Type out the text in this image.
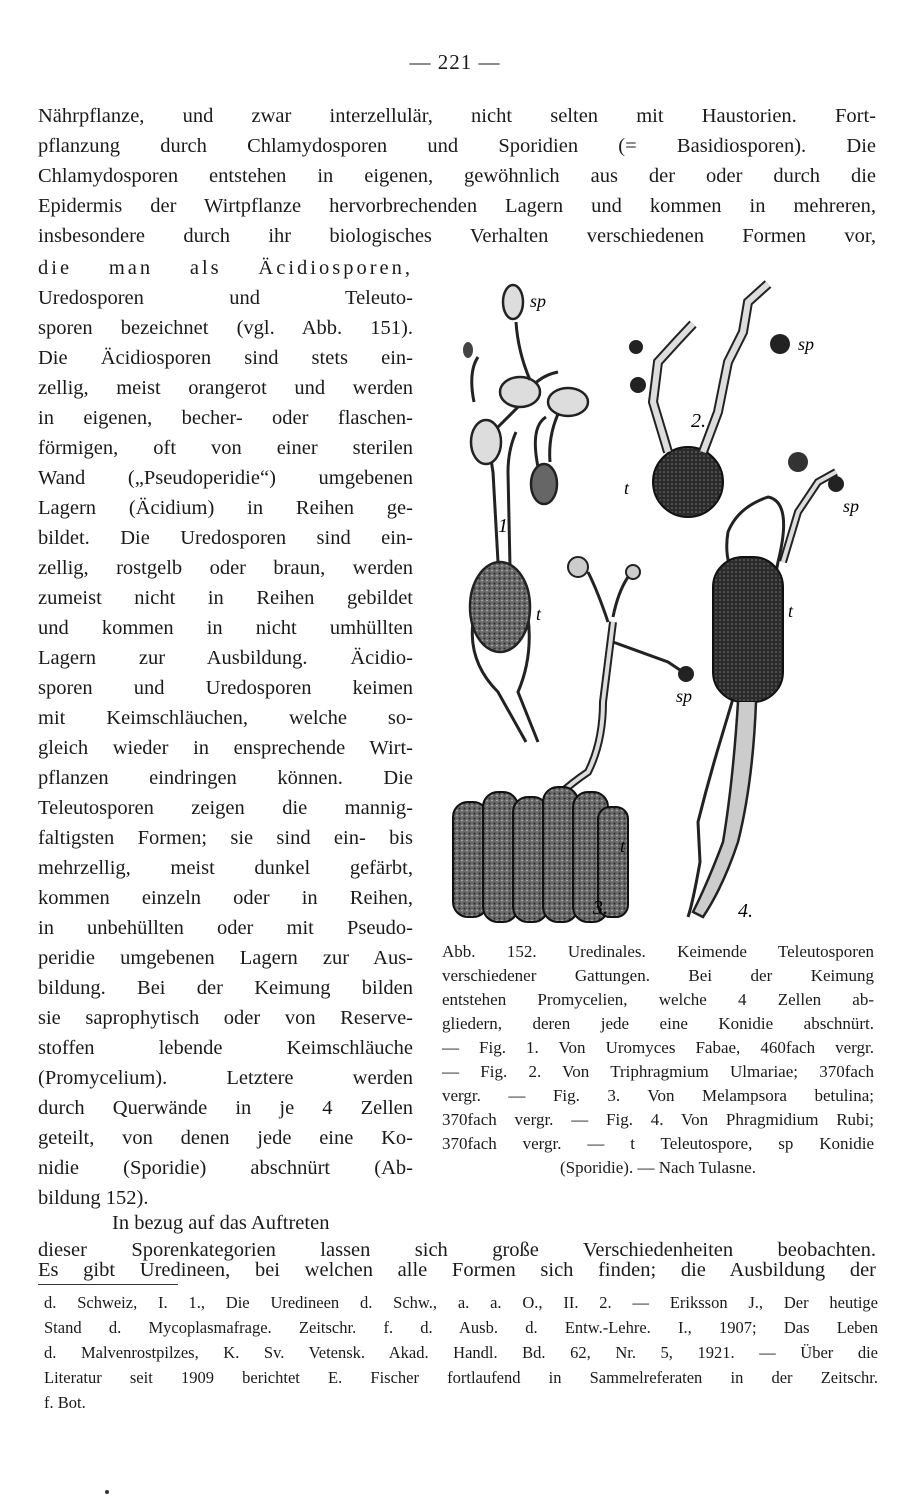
— 221 —
Nährpflanze, und zwar interzellulär, nicht selten mit Haustorien. Fort-
pflanzung durch Chlamydosporen und Sporidien (= Basidiosporen). Die
Chlamydosporen entstehen in eigenen, gewöhnlich aus der oder durch die
Epidermis der Wirtpflanze hervorbrechenden Lagern und kommen in mehreren,
insbesondere durch ihr biologisches Verhalten verschiedenen Formen vor,
die man als Äcidiosporen,
Uredosporen und Teleuto-
sporen bezeichnet (vgl. Abb. 151).
Die Äcidiosporen sind stets ein-
zellig, meist orangerot und werden
in eigenen, becher- oder flaschen-
förmigen, oft von einer sterilen
Wand („Pseudoperidie“) umgebenen
Lagern (Äcidium) in Reihen ge-
bildet. Die Uredosporen sind ein-
zellig, rostgelb oder braun, werden
zumeist nicht in Reihen gebildet
und kommen in nicht umhüllten
Lagern zur Ausbildung. Äcidio-
sporen und Uredosporen keimen
mit Keimschläuchen, welche so-
gleich wieder in ensprechende Wirt-
pflanzen eindringen können. Die
Teleutosporen zeigen die mannig-
faltigsten Formen; sie sind ein- bis
mehrzellig, meist dunkel gefärbt,
kommen einzeln oder in Reihen,
in unbehüllten oder mit Pseudo-
peridie umgebenen Lagern zur Aus-
bildung. Bei der Keimung bilden
sie saprophytisch oder von Reserve-
stoffen lebende Keimschläuche
(Promycelium). Letztere werden
durch Querwände in je 4 Zellen
geteilt, von denen jede eine Ko-
nidie (Sporidie) abschnürt (Ab-
bildung 152).
In bezug auf das Auftreten
dieser Sporenkategorien lassen sich große Verschiedenheiten beobachten.
1
t
sp
2.
t
sp
4.
t
sp
3.
t
sp
Abb. 152. Uredinales. Keimende Teleutosporen
verschiedener Gattungen. Bei der Keimung
entstehen Promycelien, welche 4 Zellen ab-
gliedern, deren jede eine Konidie abschnürt.
— Fig. 1. Von Uromyces Fabae, 460fach vergr.
— Fig. 2. Von Triphragmium Ulmariae; 370fach
vergr. — Fig. 3. Von Melampsora betulina;
370fach vergr. — Fig. 4. Von Phragmidium Rubi;
370fach vergr. — t Teleutospore, sp Konidie
(Sporidie). — Nach Tulasne.
d. Schweiz, I. 1., Die Uredineen d. Schw., a. a. O., II. 2. — Eriksson J., Der heutige
Stand d. Mycoplasmafrage. Zeitschr. f. d. Ausb. d. Entw.-Lehre. I., 1907; Das Leben
d. Malvenrostpilzes, K. Sv. Vetensk. Akad. Handl. Bd. 62, Nr. 5, 1921. — Über die
Literatur seit 1909 berichtet E. Fischer fortlaufend in Sammelreferaten in der Zeitschr.
f. Bot.
Es gibt Uredineen, bei welchen alle Formen sich finden; die Ausbildung der
